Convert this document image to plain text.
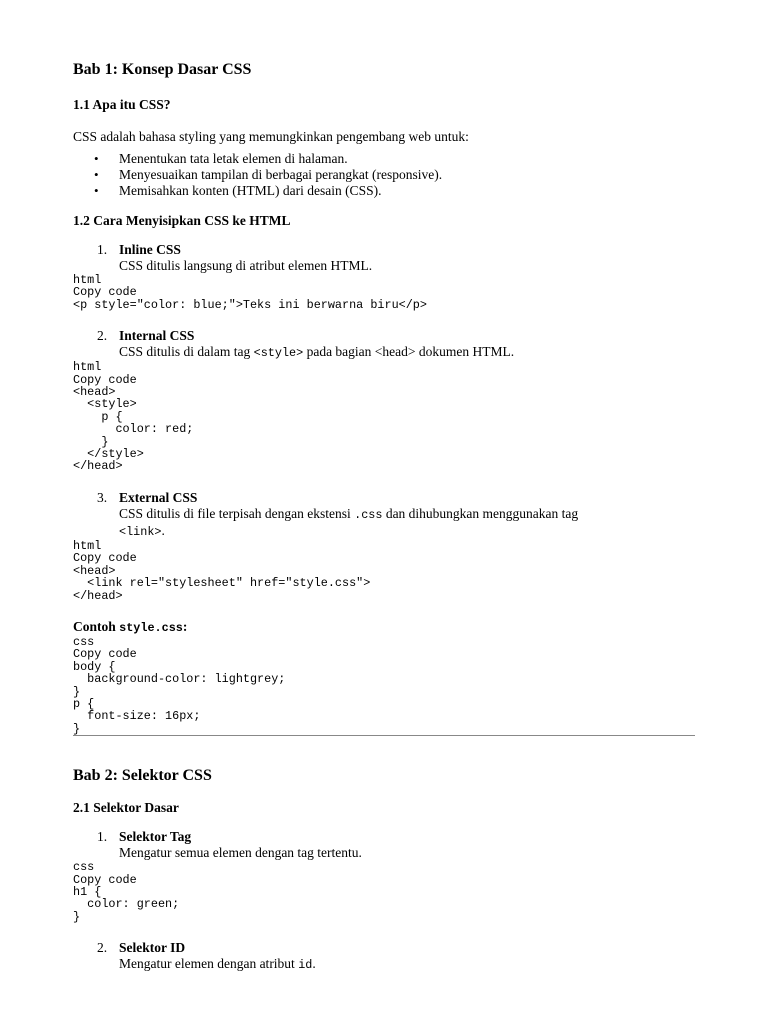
Bab 1: Konsep Dasar CSS
1.1 Apa itu CSS?

CSS adalah bahasa styling yang memungkinkan pengembang web untuk:

• Menentukan tata letak elemen di halaman.
• Menyesuaikan tampilan di berbagai perangkat (responsive).
• Memisahkan konten (HTML) dari desain (CSS).
1.2 Cara Menyisipkan CSS ke HTML
1. Inline CSS
CSS ditulis langsung di atribut elemen HTML.
html
Copy code
<p style="color: blue;">Teks ini berwarna biru</p>
2. Internal CSS
CSS ditulis di dalam tag <style> pada bagian <head> dokumen HTML.
html
Copy code
<head>
<style>
p {
color: red;
}
</style>
</head>
3. External CSS
CSS ditulis di file terpisah dengan ekstensi .css dan dihubungkan menggunakan tag
<link>.
html
Copy code
<head>
<link rel="stylesheet" href="style.css">
</head>

Contoh style.css:

css
Copy code
body {
background-color: lightgrey;
}
p {
font-size: 16px;
}
Bab 2: Selektor CSS
2.1 Selektor Dasar
1. Selektor Tag
Mengatur semua elemen dengan tag tertentu.
css
Copy code
h1 {
color: green;
}
2. Selektor ID
Mengatur elemen dengan atribut id.
